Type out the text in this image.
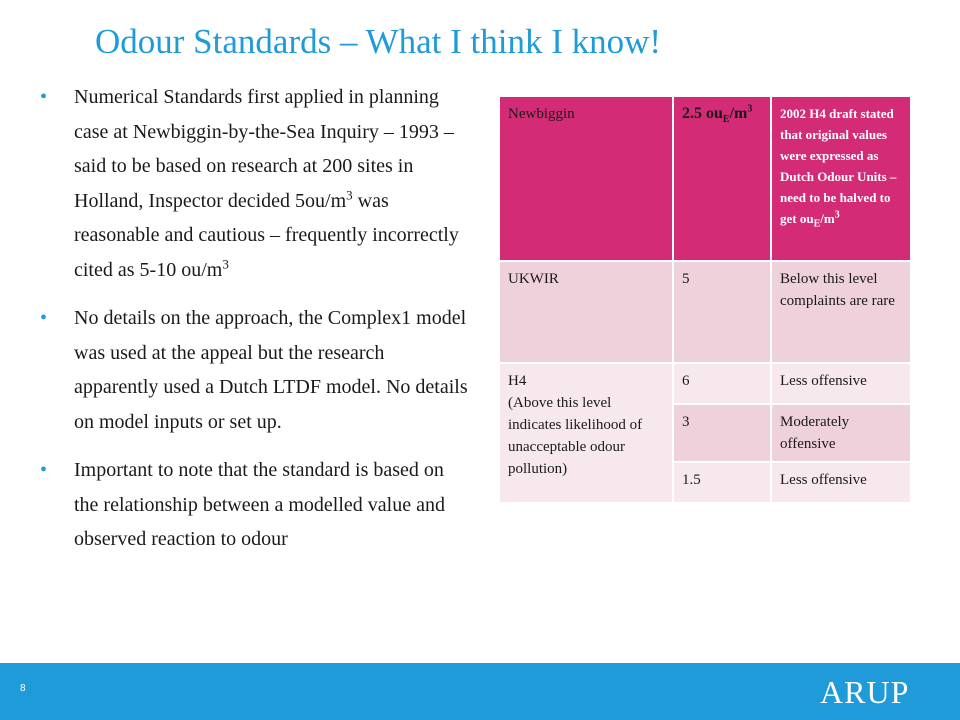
Odour Standards – What I think I know!
• Numerical Standards first applied in planning case at Newbiggin-by-the-Sea Inquiry – 1993 – said to be based on research at 200 sites in Holland, Inspector decided $5ou/m^3$ was reasonable and cautious – frequently incorrectly cited as 5-10 $ou/m^3$
• No details on the approach, the Complex1 model was used at the appeal but the research apparently used a Dutch LTDF model. No details on model inputs or set up.
• Important to note that the standard is based on the relationship between a modelled value and observed reaction to odour
Newbiggin	2.5 $ou_E/m^3$	2002 H4 draft stated that original values were expressed as Dutch Odour Units – need to be halved to get $ou_E/m^3$
UKWIR	5	Below this level complaints are rare

H4
(Above this level indicates likelihood of unacceptable odour pollution)	6	Less offensive
	3	Moderately offensive
	1.5	Less offensive
8	ARUP
